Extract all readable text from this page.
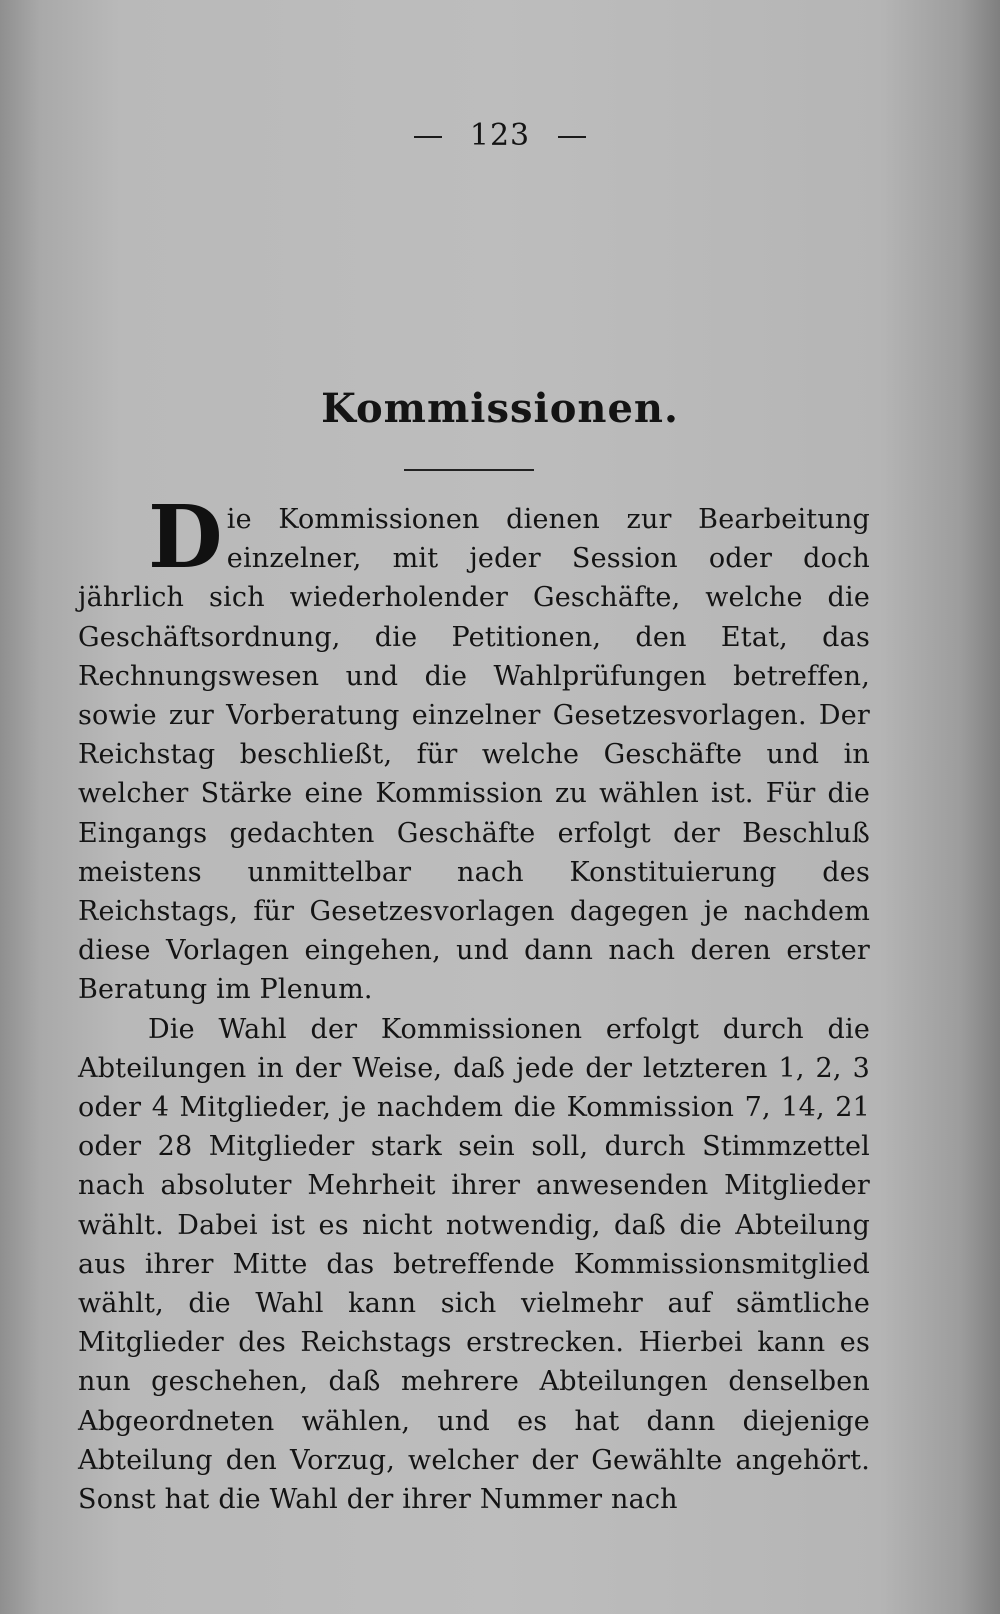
123
Kommissionen.

Die Kommissionen dienen zur Bearbeitung einzelner, mit jeder Session oder doch jährlich sich wiederholender Geschäfte, welche die Geschäftsordnung, die Petitionen, den Etat, das Rechnungswesen und die Wahlprüfungen betreffen, sowie zur Vorberatung einzelner Gesetzesvorlagen. Der Reichstag beschließt, für welche Geschäfte und in welcher Stärke eine Kommission zu wählen ist. Für die Eingangs gedachten Geschäfte erfolgt der Beschluß meistens unmittelbar nach Konstituierung des Reichstags, für Gesetzesvorlagen dagegen je nachdem diese Vorlagen eingehen, und dann nach deren erster Beratung im Plenum.

Die Wahl der Kommissionen erfolgt durch die Abteilungen in der Weise, daß jede der letzteren 1, 2, 3 oder 4 Mitglieder, je nachdem die Kommission 7, 14, 21 oder 28 Mitglieder stark sein soll, durch Stimmzettel nach absoluter Mehrheit ihrer anwesenden Mitglieder wählt. Dabei ist es nicht notwendig, daß die Abteilung aus ihrer Mitte das betreffende Kommissionsmitglied wählt, die Wahl kann sich vielmehr auf sämtliche Mitglieder des Reichstags erstrecken. Hierbei kann es nun geschehen, daß mehrere Abteilungen denselben Abgeordneten wählen, und es hat dann diejenige Abteilung den Vorzug, welcher der Gewählte angehört. Sonst hat die Wahl der ihrer Nummer nach
